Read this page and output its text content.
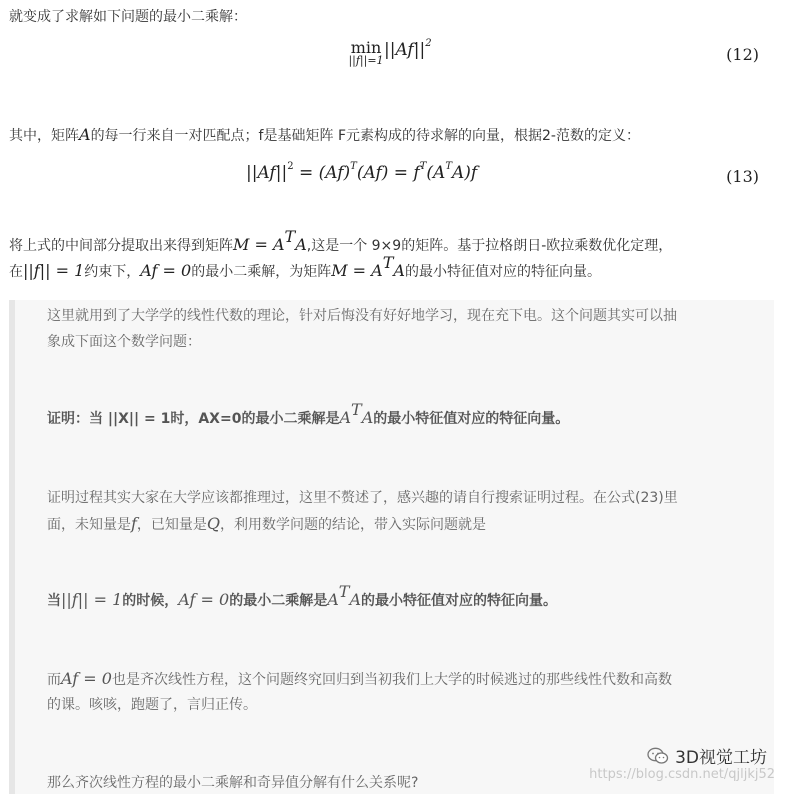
就变成了求解如下问题的最小二乘解：
min
||f||=1
$||Af||^2$
(12)
其中，矩阵A的每一行来自一对匹配点；f是基础矩阵 F元素构成的待求解的向量，根据2-范数的定义：
$||Af||^2 = (Af)^T(Af) = f^T(A^TA)f$	(13)
将上式的中间部分提取出来得到矩阵$M = A^TA$,这是一个 9×9的矩阵。基于拉格朗日-欧拉乘数优化定理，
在||f|| = 1约束下，Af = 0的最小二乘解，为矩阵$M = A^TA$的最小特征值对应的特征向量。
这里就用到了大学学的线性代数的理论，针对后悔没有好好地学习，现在充下电。这个问题其实可以抽
象成下面这个数学问题：
证明：当 ||X|| = 1时，AX=0的最小二乘解是$A^TA$的最小特征值对应的特征向量。
证明过程其实大家在大学应该都推理过，这里不赘述了，感兴趣的请自行搜索证明过程。在公式(23)里
面，未知量是f，已知量是Q，利用数学问题的结论，带入实际问题就是
当||f|| = 1的时候，Af = 0的最小二乘解是$A^TA$的最小特征值对应的特征向量。
而Af = 0也是齐次线性方程，这个问题终究回归到当初我们上大学的时候逃过的那些线性代数和高数
的课。咳咳，跑题了，言归正传。
那么齐次线性方程的最小二乘解和奇异值分解有什么关系呢?
3D视觉工坊
https://blog.csdn.net/qjljkj52
